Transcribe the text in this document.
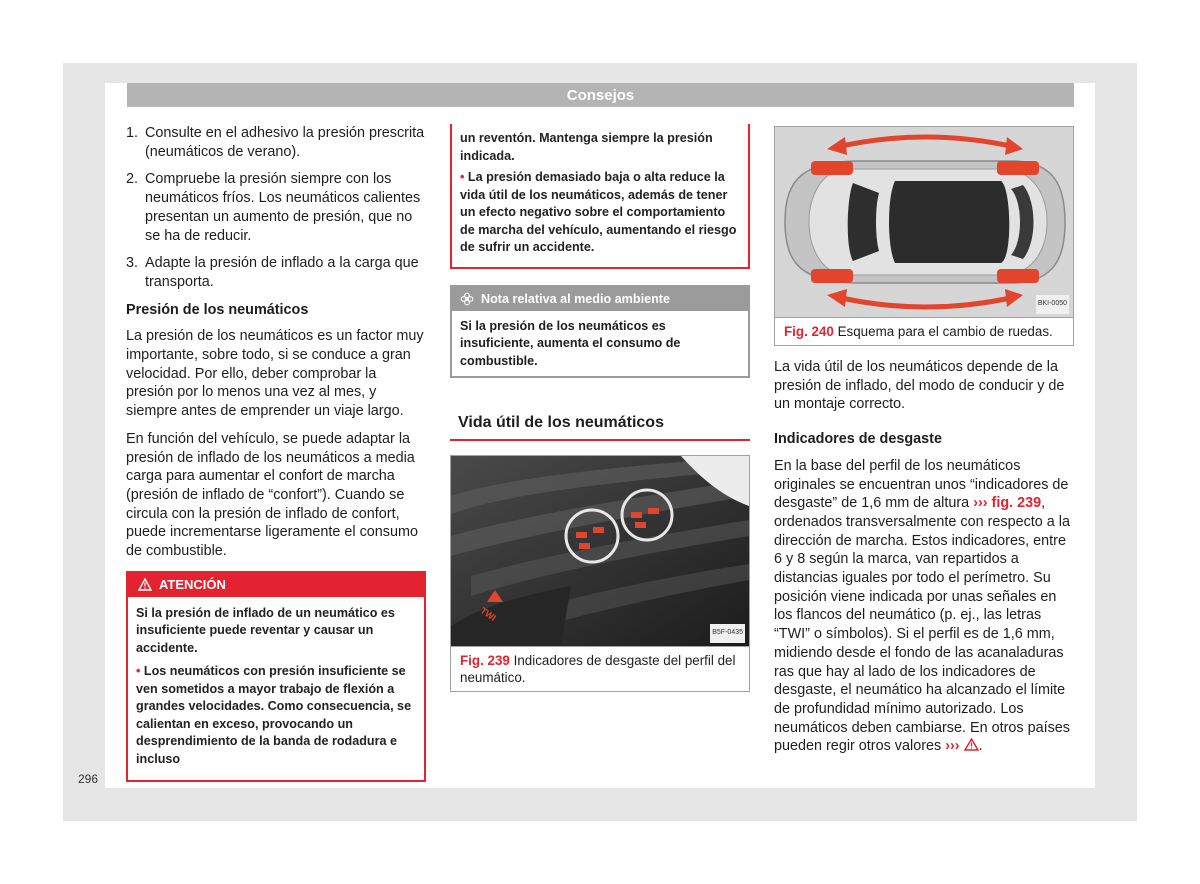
Consejos
1. Consulte en el adhesivo la presión prescrita (neumáticos de verano).
2. Compruebe la presión siempre con los neumáticos fríos. Los neumáticos calientes presentan un aumento de presión, que no se ha de reducir.
3. Adapte la presión de inflado a la carga que transporta.
Presión de los neumáticos

La presión de los neumáticos es un factor muy importante, sobre todo, si se conduce a gran velocidad. Por ello, deber comprobar la presión por lo menos una vez al mes, y siempre antes de emprender un viaje largo.

En función del vehículo, se puede adaptar la presión de inflado de los neumáticos a media carga para aumentar el confort de marcha (presión de inflado de “confort”). Cuando se circula con la presión de inflado de confort, puede incrementarse ligeramente el consumo de combustible.

ATENCIÓN

Si la presión de inflado de un neumático es insuficiente puede reventar y causar un accidente.

• Los neumáticos con presión insuficiente se ven sometidos a mayor trabajo de flexión a grandes velocidades. Como consecuencia, se calientan en exceso, provocando un desprendimiento de la banda de rodadura e incluso

un reventón. Mantenga siempre la presión indicada.

• La presión demasiado baja o alta reduce la vida útil de los neumáticos, además de tener un efecto negativo sobre el comportamiento de marcha del vehículo, aumentando el riesgo de sufrir un accidente.

Nota relativa al medio ambiente
Si la presión de los neumáticos es insuficiente, aumenta el consumo de combustible.
Vida útil de los neumáticos
TWI
B5F-0435
Fig. 239 Indicadores de desgaste del perfil del neumático.
BKI-0050
Fig. 240 Esquema para el cambio de ruedas.

La vida útil de los neumáticos depende de la presión de inflado, del modo de conducir y de un montaje correcto.

Indicadores de desgaste

En la base del perfil de los neumáticos originales se encuentran unos “indicadores de desgaste” de 1,6 mm de altura ››› fig. 239, ordenados transversalmente con respecto a la dirección de marcha. Estos indicadores, entre 6 y 8 según la marca, van repartidos a distancias iguales por todo el perímetro. Su posición viene indicada por unas señales en los flancos del neumático (p. ej., las letras “TWI” o símbolos). Si el perfil es de 1,6 mm, midiendo desde el fondo de las acanaladuras ras que hay al lado de los indicadores de desgaste, el neumático ha alcanzado el límite de profundidad mínimo autorizado. Los neumáticos deben cambiarse. En otros países pueden regir otros valores ››› .

296
